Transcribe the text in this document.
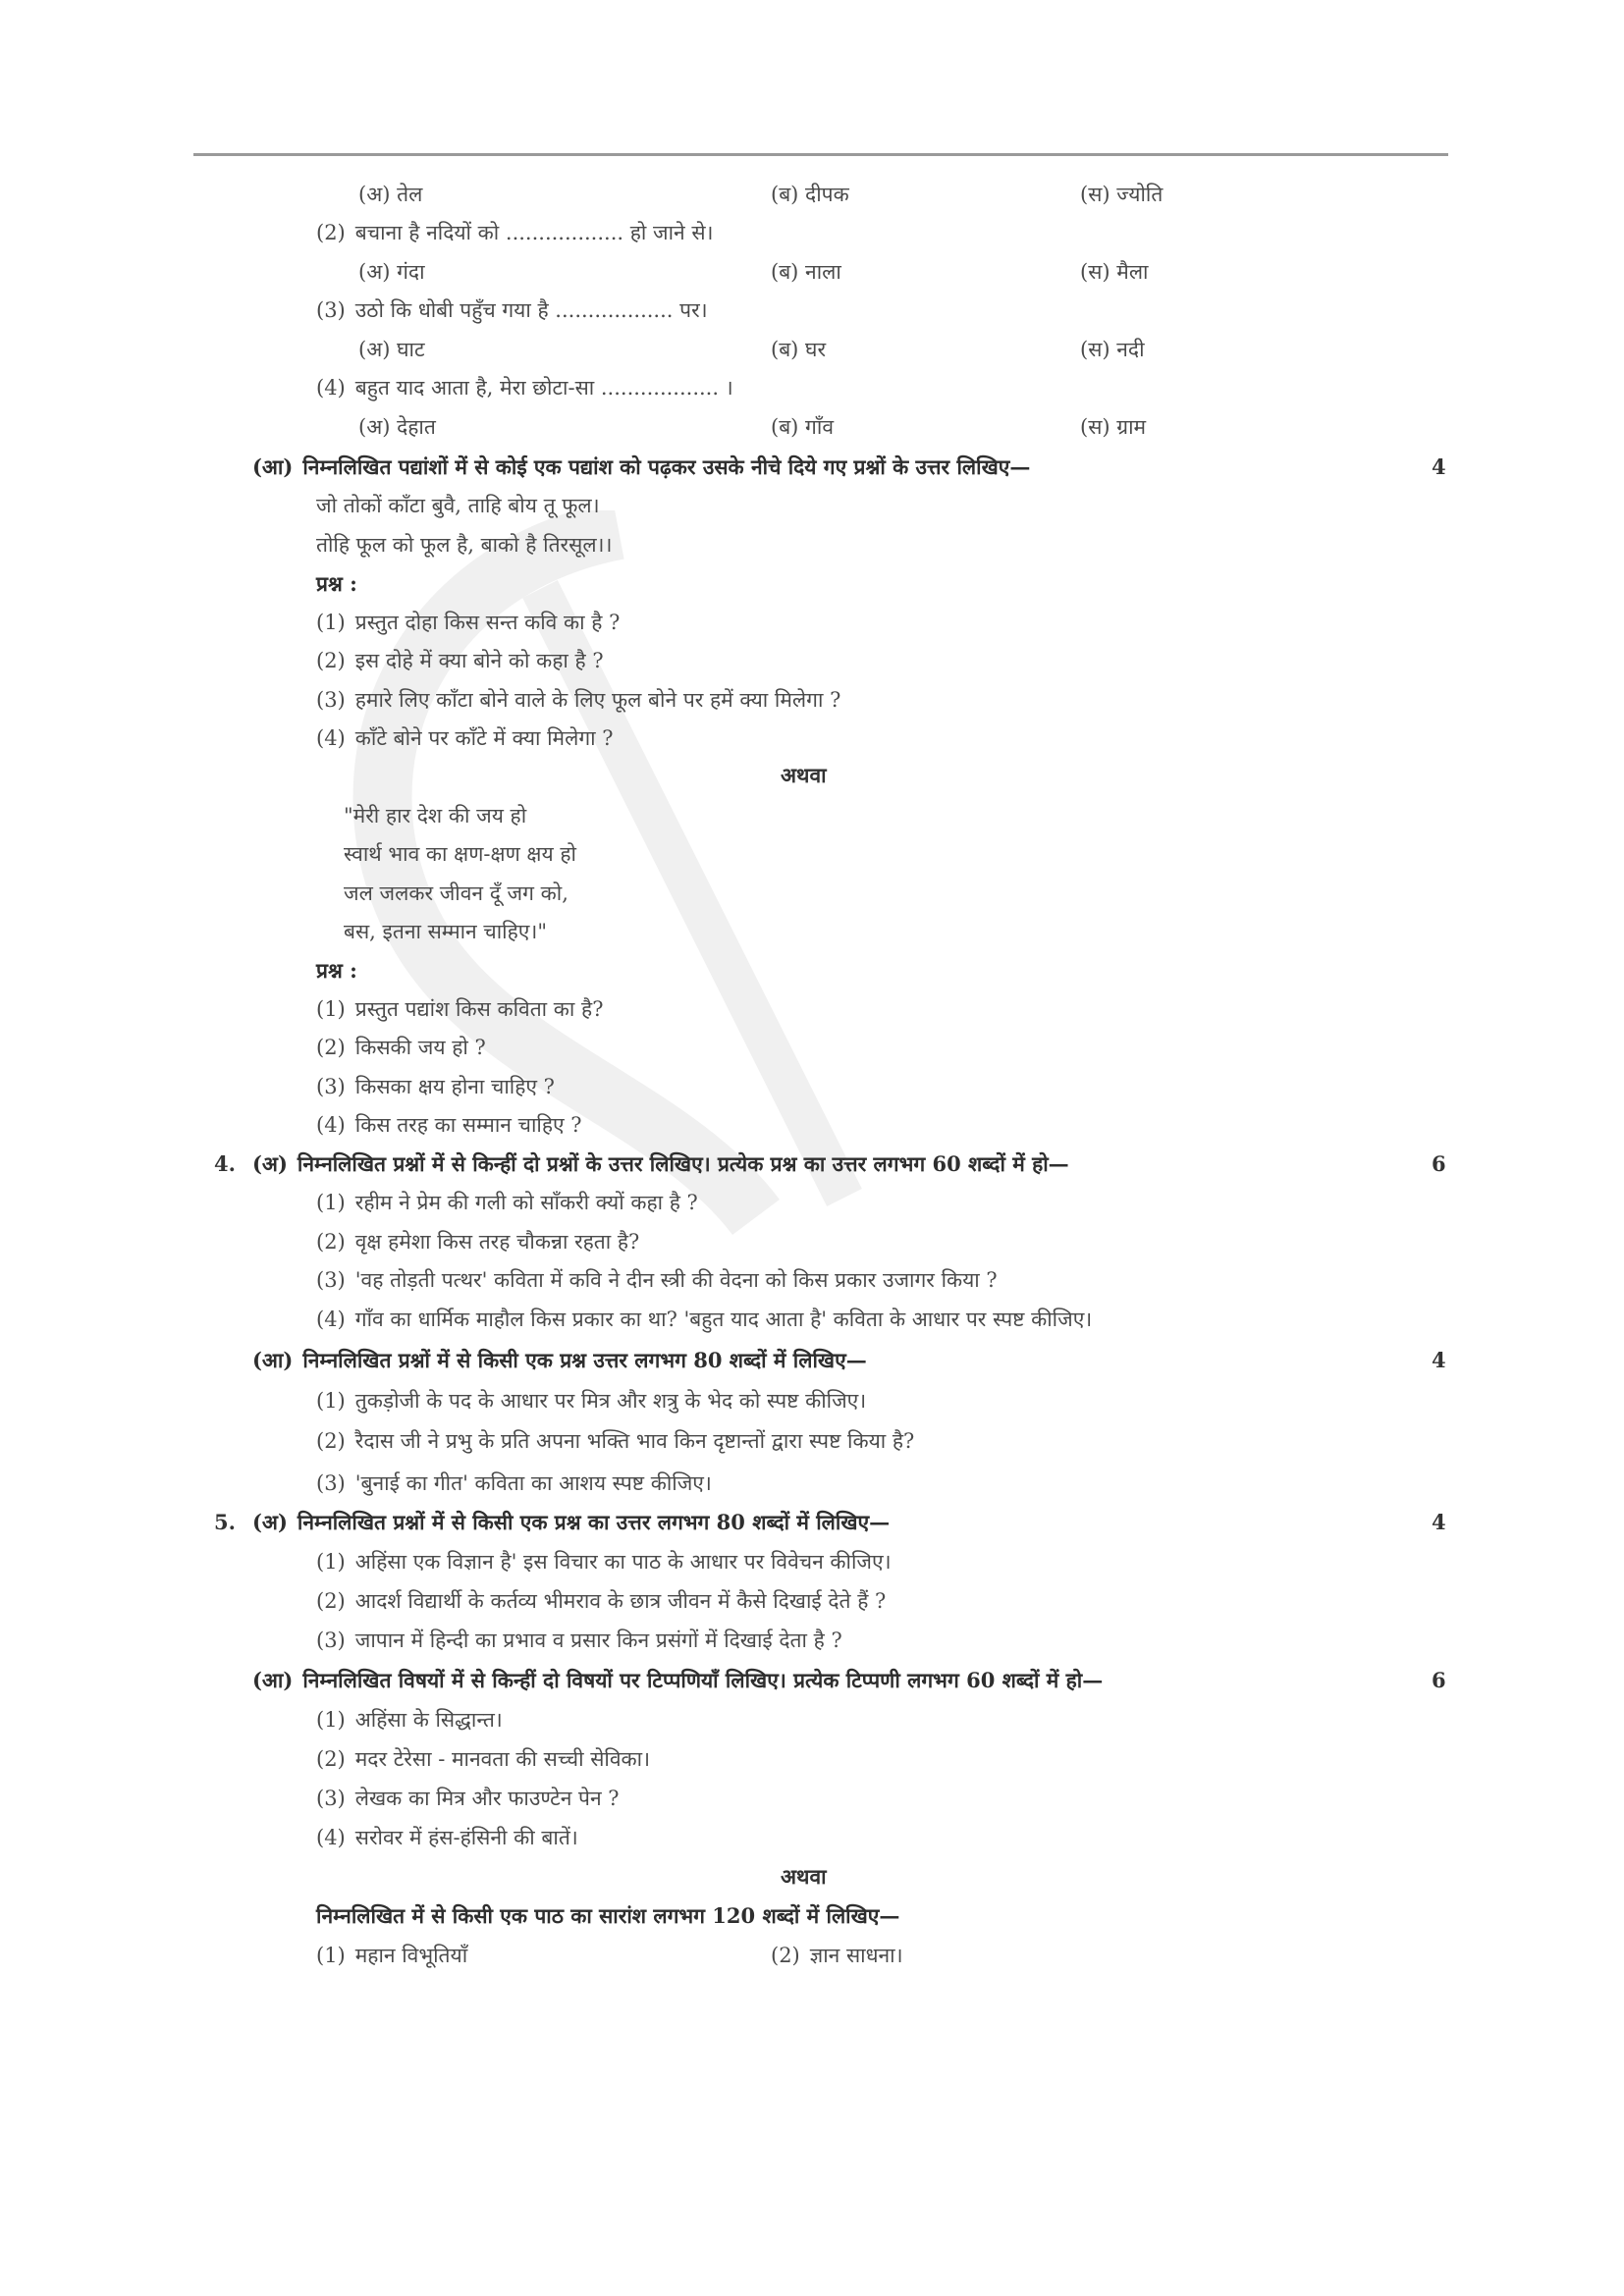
(अ) तेल	(ब) दीपक	(स) ज्योति
(2) बचाना है नदियों को .................. हो जाने से।
(अ) गंदा	(ब) नाला	(स) मैला
(3) उठो कि धोबी पहुँच गया है .................. पर।
(अ) घाट	(ब) घर	(स) नदी
(4) बहुत याद आता है, मेरा छोटा-सा .................. ।
(अ) देहात	(ब) गाँव	(स) ग्राम
(आ) निम्नलिखित पद्यांशों में से कोई एक पद्यांश को पढ़कर उसके नीचे दिये गए प्रश्नों के उत्तर लिखिए—	4
जो तोकों काँटा बुवै, ताहि बोय तू फूल।
तोहि फूल को फूल है, बाको है तिरसूल।।
प्रश्न :
(1) प्रस्तुत दोहा किस सन्त कवि का है ?
(2) इस दोहे में क्या बोने को कहा है ?
(3) हमारे लिए काँटा बोने वाले के लिए फूल बोने पर हमें क्या मिलेगा ?
(4) काँटे बोने पर काँटे में क्या मिलेगा ?
अथवा
"मेरी हार देश की जय हो
स्वार्थ भाव का क्षण-क्षण क्षय हो
जल जलकर जीवन दूँ जग को,
बस, इतना सम्मान चाहिए।"
प्रश्न :
(1) प्रस्तुत पद्यांश किस कविता का है?
(2) किसकी जय हो ?
(3) किसका क्षय होना चाहिए ?
(4) किस तरह का सम्मान चाहिए ?
4. (अ) निम्नलिखित प्रश्नों में से किन्हीं दो प्रश्नों के उत्तर लिखिए। प्रत्येक प्रश्न का उत्तर लगभग 60 शब्दों में हो—	6
(1) रहीम ने प्रेम की गली को साँकरी क्यों कहा है ?
(2) वृक्ष हमेशा किस तरह चौकन्ना रहता है?
(3) 'वह तोड़ती पत्थर' कविता में कवि ने दीन स्त्री की वेदना को किस प्रकार उजागर किया ?
(4) गाँव का धार्मिक माहौल किस प्रकार का था? 'बहुत याद आता है' कविता के आधार पर स्पष्ट कीजिए।
(आ) निम्नलिखित प्रश्नों में से किसी एक प्रश्न उत्तर लगभग 80 शब्दों में लिखिए—	4
(1) तुकड़ोजी के पद के आधार पर मित्र और शत्रु के भेद को स्पष्ट कीजिए।
(2) रैदास जी ने प्रभु के प्रति अपना भक्ति भाव किन दृष्टान्तों द्वारा स्पष्ट किया है?
(3) 'बुनाई का गीत' कविता का आशय स्पष्ट कीजिए।
5. (अ) निम्नलिखित प्रश्नों में से किसी एक प्रश्न का उत्तर लगभग 80 शब्दों में लिखिए—	4
(1) अहिंसा एक विज्ञान है' इस विचार का पाठ के आधार पर विवेचन कीजिए।
(2) आदर्श विद्यार्थी के कर्तव्य भीमराव के छात्र जीवन में कैसे दिखाई देते हैं ?
(3) जापान में हिन्दी का प्रभाव व प्रसार किन प्रसंगों में दिखाई देता है ?
(आ) निम्नलिखित विषयों में से किन्हीं दो विषयों पर टिप्पणियाँ लिखिए। प्रत्येक टिप्पणी लगभग 60 शब्दों में हो—	6
(1) अहिंसा के सिद्धान्त।
(2) मदर टेरेसा - मानवता की सच्ची सेविका।
(3) लेखक का मित्र और फाउण्टेन पेन ?
(4) सरोवर में हंस-हंसिनी की बातें।
अथवा
निम्नलिखित में से किसी एक पाठ का सारांश लगभग 120 शब्दों में लिखिए—
(1) महान विभूतियाँ	(2) ज्ञान साधना।
